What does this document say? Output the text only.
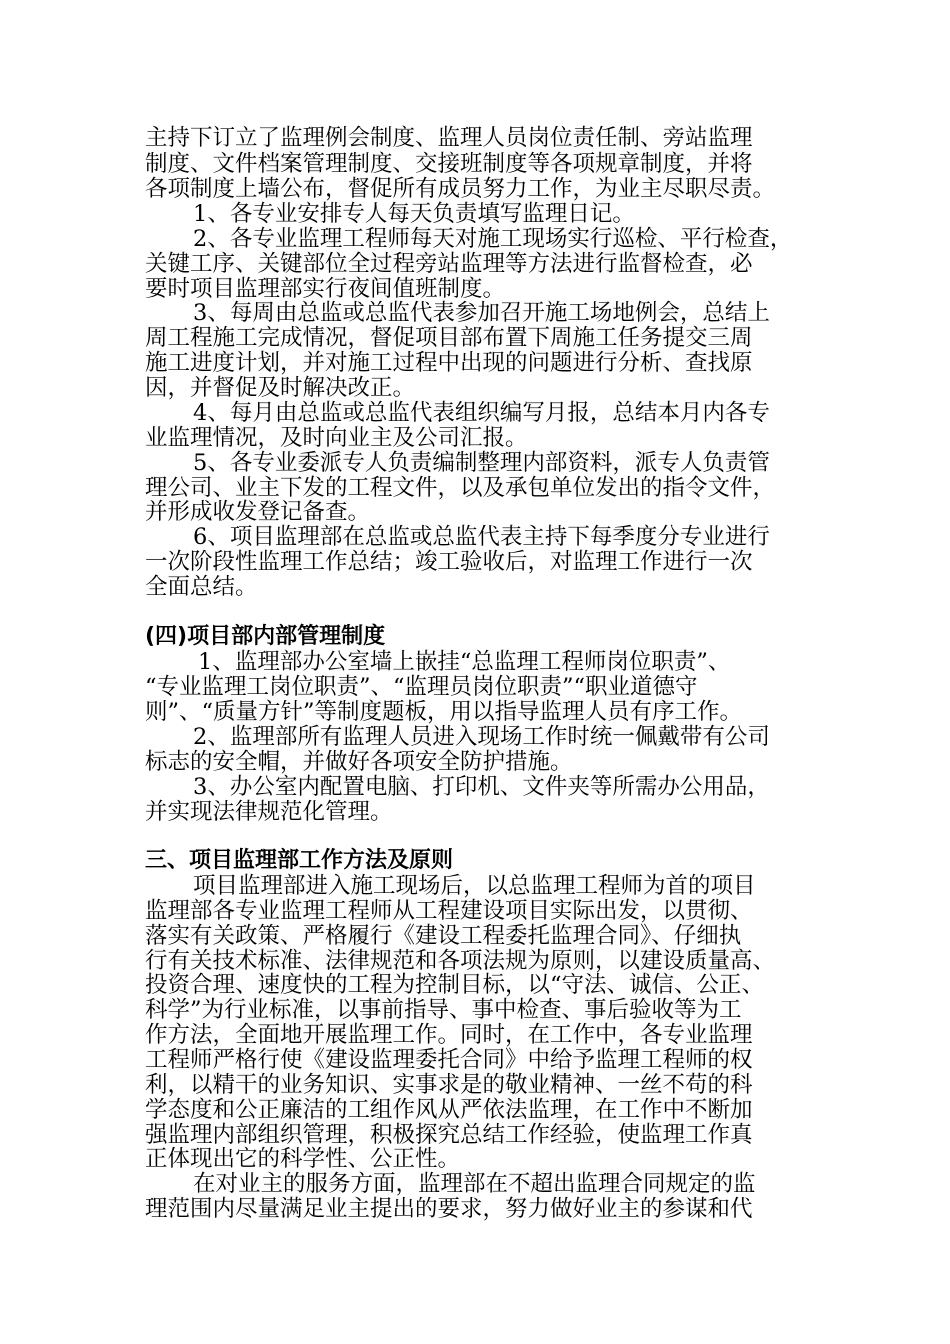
主持下订立了监理例会制度、监理人员岗位责任制、旁站监理
制度、文件档案管理制度、交接班制度等各项规章制度，并将
各项制度上墙公布，督促所有成员努力工作，为业主尽职尽责。
1、各专业安排专人每天负责填写监理日记。
2、各专业监理工程师每天对施工现场实行巡检、平行检查，
关键工序、关键部位全过程旁站监理等方法进行监督检查，必
要时项目监理部实行夜间值班制度。
3、每周由总监或总监代表参加召开施工场地例会，总结上
周工程施工完成情况，督促项目部布置下周施工任务提交三周
施工进度计划，并对施工过程中出现的问题进行分析、查找原
因，并督促及时解决改正。
4、每月由总监或总监代表组织编写月报，总结本月内各专
业监理情况，及时向业主及公司汇报。
5、各专业委派专人负责编制整理内部资料，派专人负责管
理公司、业主下发的工程文件，以及承包单位发出的指令文件，
并形成收发登记备查。
6、项目监理部在总监或总监代表主持下每季度分专业进行
一次阶段性监理工作总结；竣工验收后，对监理工作进行一次
全面总结。
(四)项目部内部管理制度
1、监理部办公室墙上嵌挂“总监理工程师岗位职责”、
“专业监理工岗位职责”、“监理员岗位职责”“职业道德守
则”、“质量方针”等制度题板，用以指导监理人员有序工作。
2、监理部所有监理人员进入现场工作时统一佩戴带有公司
标志的安全帽，并做好各项安全防护措施。
3、办公室内配置电脑、打印机、文件夹等所需办公用品，
并实现法律规范化管理。
三、项目监理部工作方法及原则
项目监理部进入施工现场后，以总监理工程师为首的项目
监理部各专业监理工程师从工程建设项目实际出发，以贯彻、
落实有关政策、严格履行《建设工程委托监理合同》、仔细执
行有关技术标准、法律规范和各项法规为原则，以建设质量高、
投资合理、速度快的工程为控制目标，以“守法、诚信、公正、
科学”为行业标准，以事前指导、事中检查、事后验收等为工
作方法，全面地开展监理工作。同时，在工作中，各专业监理
工程师严格行使《建设监理委托合同》中给予监理工程师的权
利，以精干的业务知识、实事求是的敬业精神、一丝不苟的科
学态度和公正廉洁的工组作风从严依法监理，在工作中不断加
强监理内部组织管理，积极探究总结工作经验，使监理工作真
正体现出它的科学性、公正性。
在对业主的服务方面，监理部在不超出监理合同规定的监
理范围内尽量满足业主提出的要求，努力做好业主的参谋和代
